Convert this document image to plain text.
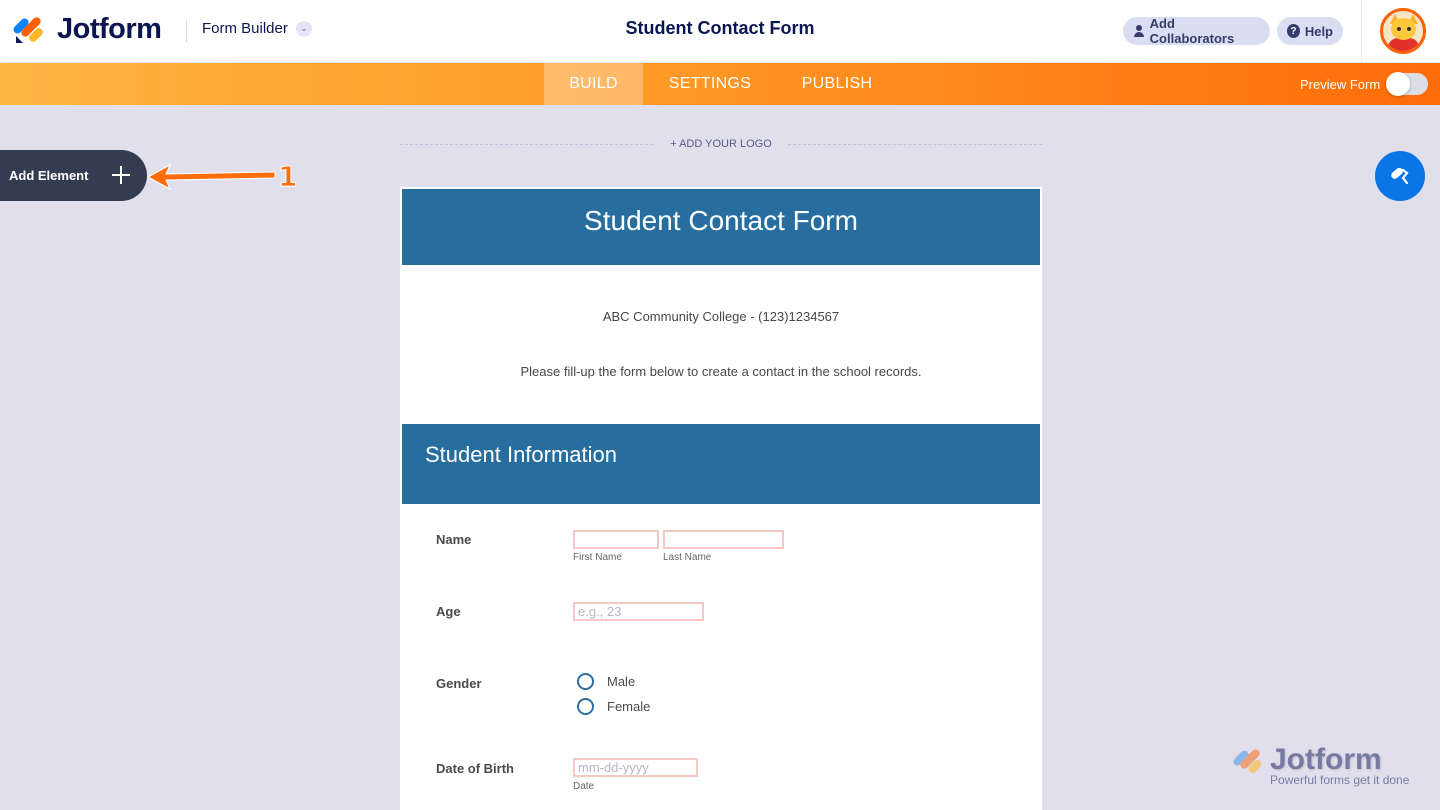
Jotform	Form Builder	⌄	Student Contact Form	Add Collaborators	? Help
BUILD	SETTINGS	PUBLISH	Preview Form
Add Element	1
+ ADD YOUR LOGO
Student Contact Form
ABC Community College - (123)1234567
Please fill-up the form below to create a contact in the school records.
Student Information
Name
First Name	Last Name
Age	e.g., 23
Gender	Male
Female
Date of Birth	mm-dd-yyyy
Date
Jotform
Powerful forms get it done
